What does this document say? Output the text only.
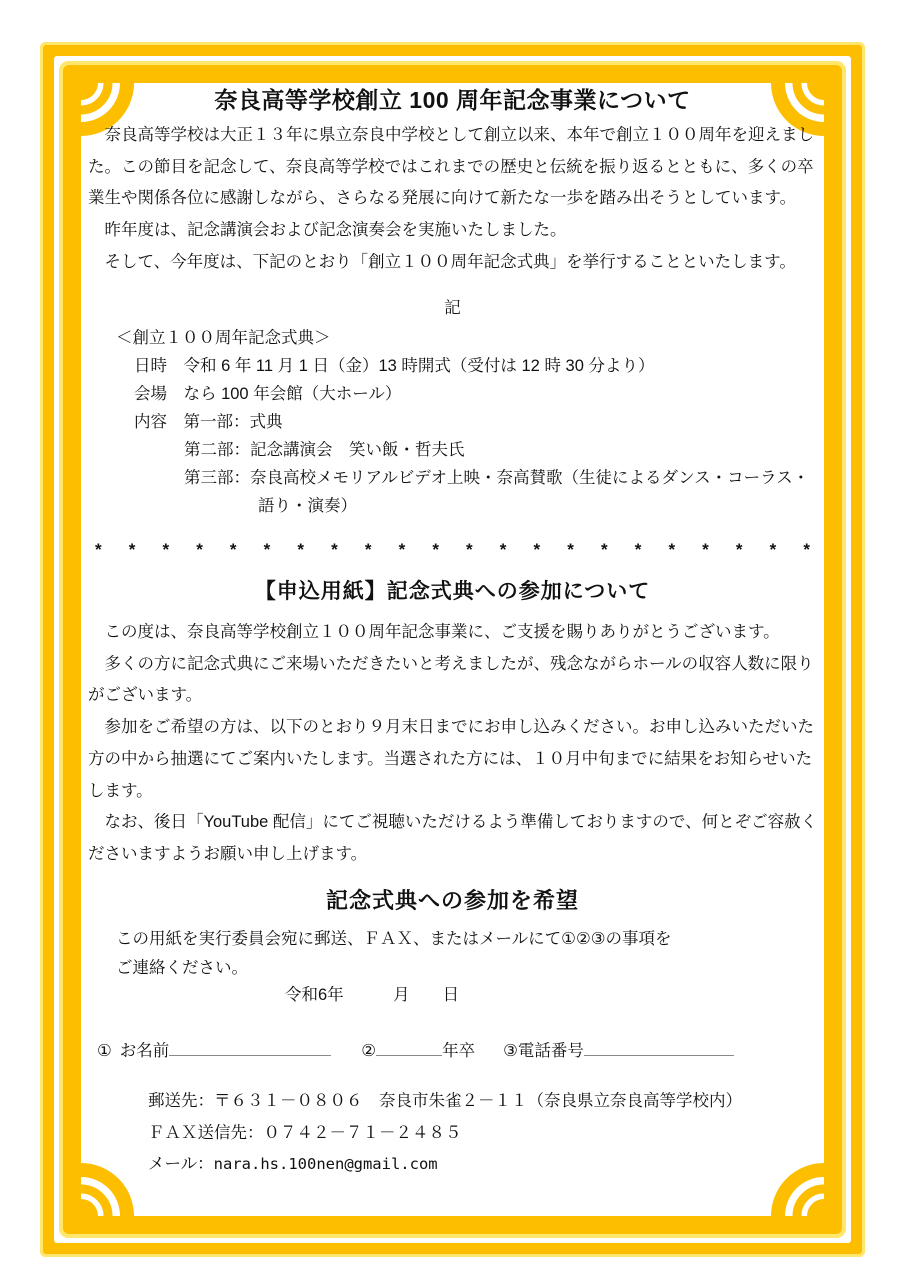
奈良高等学校創立 100 周年記念事業について
　奈良高等学校は大正１３年に県立奈良中学校として創立以来、本年で創立１００周年を迎えまし
た。この節目を記念して、奈良高等学校ではこれまでの歴史と伝統を振り返るとともに、多くの卒
業生や関係各位に感謝しながら、さらなる発展に向けて新たな一歩を踏み出そうとしています。
　昨年度は、記念講演会および記念演奏会を実施いたしました。
　そして、今年度は、下記のとおり「創立１００周年記念式典」を挙行することといたします。
記
＜創立１００周年記念式典＞
日時　令和 6 年 11 月 1 日（金）13 時開式（受付は 12 時 30 分より）
会場　なら 100 年会館（大ホール）
内容　第一部：式典
第二部：記念講演会　笑い飯・哲夫氏
第三部：奈良高校メモリアルビデオ上映・奈高賛歌（生徒によるダンス・コーラス・
語り・演奏）
* * * * * * * * * * * * * * * * * * * * * *
【申込用紙】記念式典への参加について
　この度は、奈良高等学校創立１００周年記念事業に、ご支援を賜りありがとうございます。
　多くの方に記念式典にご来場いただきたいと考えましたが、残念ながらホールの収容人数に限り
がございます。
　参加をご希望の方は、以下のとおり９月末日までにお申し込みください。お申し込みいただいた
方の中から抽選にてご案内いたします。当選された方には、１０月中旬までに結果をお知らせいた
します。
　なお、後日「YouTube 配信」にてご視聴いただけるよう準備しておりますので、何とぞご容赦く
ださいますようお願い申し上げます。
記念式典への参加を希望
この用紙を実行委員会宛に郵送、ＦＡＸ、またはメールにて①②③の事項を
ご連絡ください。
令和6年　　　月　　日
① お名前	②	年卒 ③電話番号
郵送先：〒６３１－０８０６　奈良市朱雀２－１１（奈良県立奈良高等学校内）
ＦＡＸ送信先：０７４２－７１－２４８５
メール：nara.hs.100nen@gmail.com
